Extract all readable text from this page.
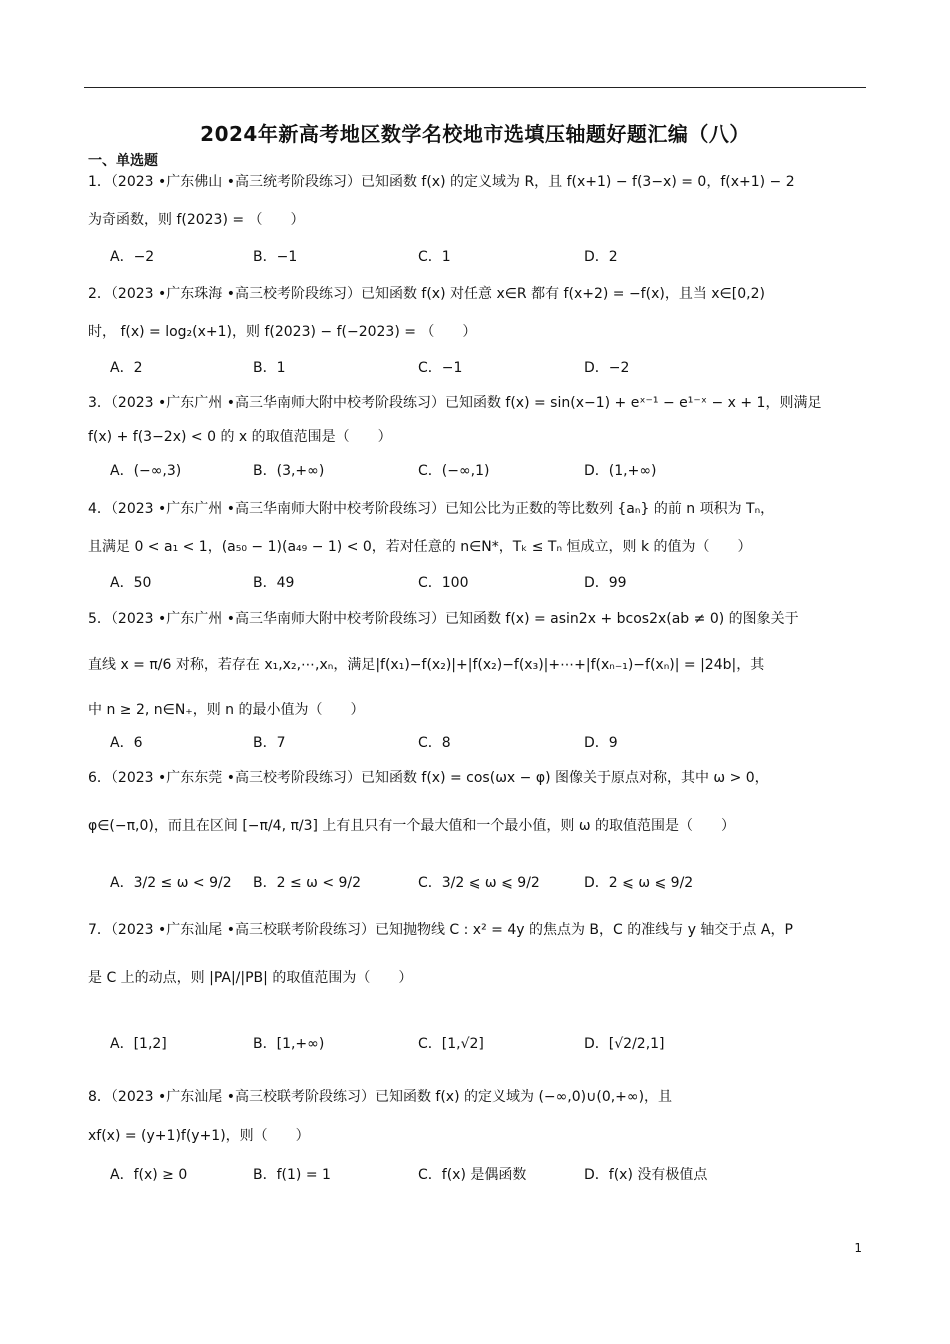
2024年新高考地区数学名校地市选填压轴题好题汇编（八）
一、单选题
1．（2023 •广东佛山 •高三统考阶段练习）已知函数 f(x) 的定义域为 R，且 f(x+1) − f(3−x) = 0，f(x+1) − 2
为奇函数，则 f(2023) = （　　）
A．−2	B．−1	C．1	D．2
2．（2023 •广东珠海 •高三校考阶段练习）已知函数 f(x) 对任意 x∈R 都有 f(x+2) = −f(x)，且当 x∈[0,2)
时， f(x) = log₂(x+1)，则 f(2023) − f(−2023) = （　　）
A．2	B．1	C．−1	D．−2
3．（2023 •广东广州 •高三华南师大附中校考阶段练习）已知函数 f(x) = sin(x−1) + eˣ⁻¹ − e¹⁻ˣ − x + 1，则满足
f(x) + f(3−2x) < 0 的 x 的取值范围是（　　）
A．(−∞,3)	B．(3,+∞)	C．(−∞,1)	D．(1,+∞)
4．（2023 •广东广州 •高三华南师大附中校考阶段练习）已知公比为正数的等比数列 {aₙ} 的前 n 项积为 Tₙ，
且满足 0 < a₁ < 1，(a₅₀ − 1)(a₄₉ − 1) < 0，若对任意的 n∈N*，Tₖ ≤ Tₙ 恒成立，则 k 的值为（　　）
A．50	B．49	C．100	D．99
5．（2023 •广东广州 •高三华南师大附中校考阶段练习）已知函数 f(x) = asin2x + bcos2x(ab ≠ 0) 的图象关于
直线 x = π/6 对称，若存在 x₁,x₂,⋯,xₙ，满足|f(x₁)−f(x₂)|+|f(x₂)−f(x₃)|+⋯+|f(xₙ₋₁)−f(xₙ)| = |24b|，其
中 n ≥ 2, n∈N₊，则 n 的最小值为（　　）
A．6	B．7	C．8	D．9
6．（2023 •广东东莞 •高三校考阶段练习）已知函数 f(x) = cos(ωx − φ) 图像关于原点对称，其中 ω > 0，
φ∈(−π,0)，而且在区间 [−π/4, π/3] 上有且只有一个最大值和一个最小值，则 ω 的取值范围是（　　）
A．3/2 ≤ ω < 9/2 B．2 ≤ ω < 9/2	C．3/2 ⩽ ω ⩽ 9/2	D．2 ⩽ ω ⩽ 9/2
7．（2023 •广东汕尾 •高三校联考阶段练习）已知抛物线 C : x² = 4y 的焦点为 B，C 的准线与 y 轴交于点 A，P
是 C 上的动点，则 |PA|/|PB| 的取值范围为（　　）
A．[1,2]	B．[1,+∞)	C．[1,√2]	D．[√2/2,1]
8．（2023 •广东汕尾 •高三校联考阶段练习）已知函数 f(x) 的定义域为 (−∞,0)∪(0,+∞)，且
xf(x) = (y+1)f(y+1)，则（　　）
A．f(x) ≥ 0	B．f(1) = 1	C．f(x) 是偶函数	D．f(x) 没有极值点
1
